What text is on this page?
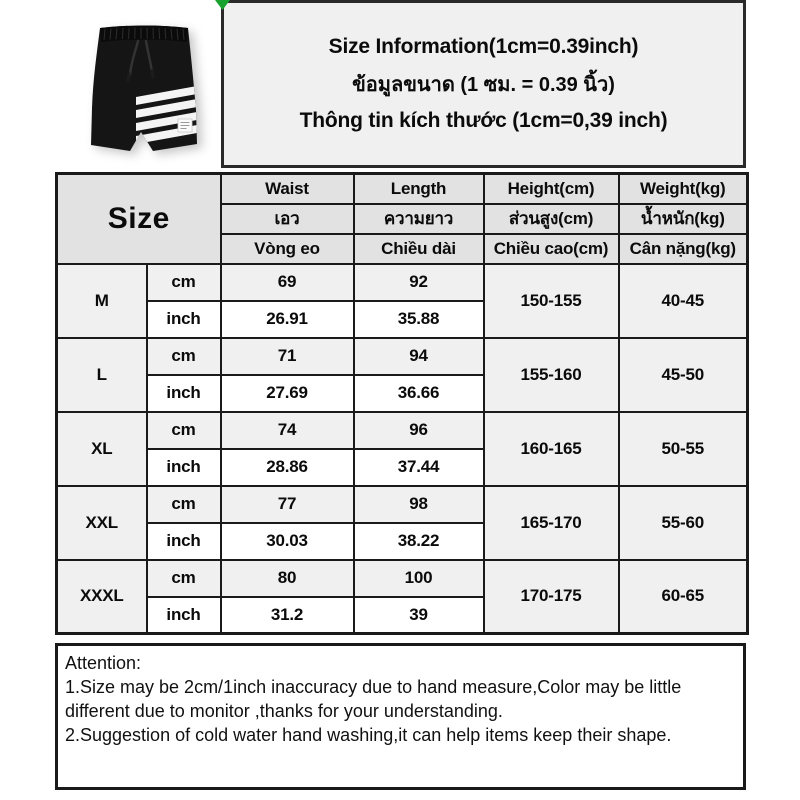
Size Information(1cm=0.39inch)
ข้อมูลขนาด (1 ซม. = 0.39 นิ้ว)
Thông tin kích thước (1cm=0,39 inch)
Size		Waist	Length	Height(cm)	Weight(kg)
		เอว	ความยาว	ส่วนสูง(cm)	น้ำหนัก(kg)
		Vòng eo	Chiều dài	Chiều cao(cm)	Cân nặng(kg)
M	cm	69	92	150-155	40-45
	inch	26.91	35.88		
L	cm	71	94	155-160	45-50
	inch	27.69	36.66		
XL	cm	74	96	160-165	50-55
	inch	28.86	37.44		
XXL	cm	77	98	165-170	55-60
	inch	30.03	38.22		
XXXL	cm	80	100	170-175	60-65
	inch	31.2	39		
Attention:
1.Size may be 2cm/1inch inaccuracy due to hand measure,Color may be little different due to monitor ,thanks for your understanding.
2.Suggestion of cold water hand washing,it can help items keep their shape.
